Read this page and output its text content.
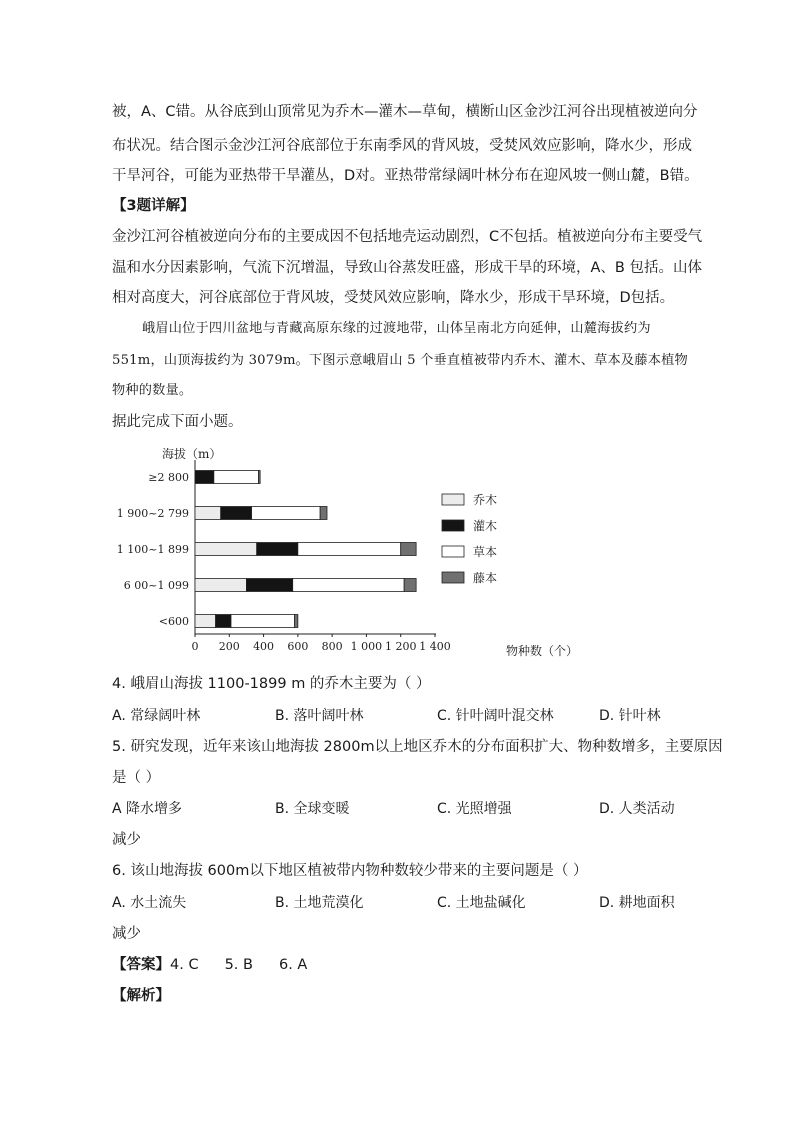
被，A、C错。从谷底到山顶常见为乔木—灌木—草甸，横断山区金沙江河谷出现植被逆向分
布状况。结合图示金沙江河谷底部位于东南季风的背风坡，受焚风效应影响，降水少，形成
干旱河谷，可能为亚热带干旱灌丛，D对。亚热带常绿阔叶林分布在迎风坡一侧山麓，B错。
【3题详解】
金沙江河谷植被逆向分布的主要成因不包括地壳运动剧烈，C不包括。植被逆向分布主要受气
温和水分因素影响，气流下沉增温，导致山谷蒸发旺盛，形成干旱的环境，A、B 包括。山体
相对高度大，河谷底部位于背风坡，受焚风效应影响，降水少，形成干旱环境，D包括。
峨眉山位于四川盆地与青藏高原东缘的过渡地带，山体呈南北方向延伸，山麓海拔约为
551m，山顶海拔约为 3079m。下图示意峨眉山 5 个垂直植被带内乔木、灌木、草本及藤本植物
物种的数量。
据此完成下面小题。
海拔（m）
物种数（个）
≥2 800
1 900~2 799
1 100~1 899
6 00~1 099
<600
0 200 400 600 800 1 000 1 200 1 400
乔木
灌木
草本
藤本
4. 峨眉山海拔 1100-1899 m 的乔木主要为（ ）
A. 常绿阔叶林	B. 落叶阔叶林	C. 针叶阔叶混交林	D. 针叶林
5. 研究发现，近年来该山地海拔 2800m以上地区乔木的分布面积扩大、物种数增多，主要原因
是（ ）
A 降水增多	B. 全球变暖	C. 光照增强	D. 人类活动
减少
6. 该山地海拔 600m以下地区植被带内物种数较少带来的主要问题是（ ）
A. 水土流失	B. 土地荒漠化	C. 土地盐碱化	D. 耕地面积
减少
【答案】4. C 5. B 6. A
【解析】
